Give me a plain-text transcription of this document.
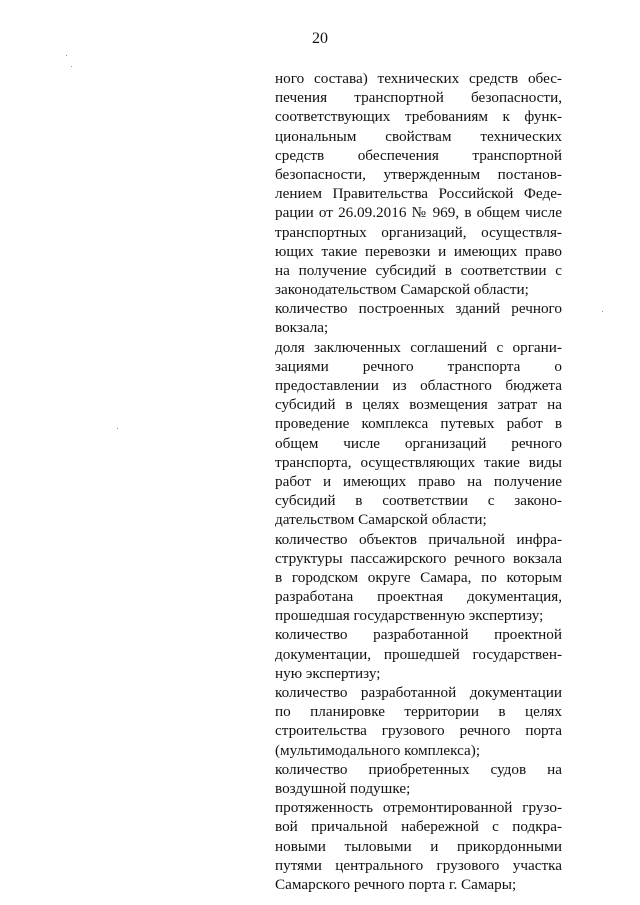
20
ного состава) технических средств обес-
печения транспортной безопасности,
соответствующих требованиям к функ-
циональным свойствам технических
средств обеспечения транспортной
безопасности, утвержденным постанов-
лением Правительства Российской Феде-
рации от 26.09.2016 № 969, в общем числе
транспортных организаций, осуществля-
ющих такие перевозки и имеющих право
на получение субсидий в соответствии с
законодательством Самарской области;
количество построенных зданий речного
вокзала;
доля заключенных соглашений с органи-
зациями речного транспорта о
предоставлении из областного бюджета
субсидий в целях возмещения затрат на
проведение комплекса путевых работ в
общем числе организаций речного
транспорта, осуществляющих такие виды
работ и имеющих право на получение
субсидий в соответствии с законо-
дательством Самарской области;
количество объектов причальной инфра-
структуры пассажирского речного вокзала
в городском округе Самара, по которым
разработана проектная документация,
прошедшая государственную экспертизу;
количество разработанной проектной
документации, прошедшей государствен-
ную экспертизу;
количество разработанной документации
по планировке территории в целях
строительства грузового речного порта
(мультимодального комплекса);
количество приобретенных судов на
воздушной подушке;
протяженность отремонтированной грузо-
вой причальной набережной с подкра-
новыми тыловыми и прикордонными
путями центрального грузового участка
Самарского речного порта г. Самары;
